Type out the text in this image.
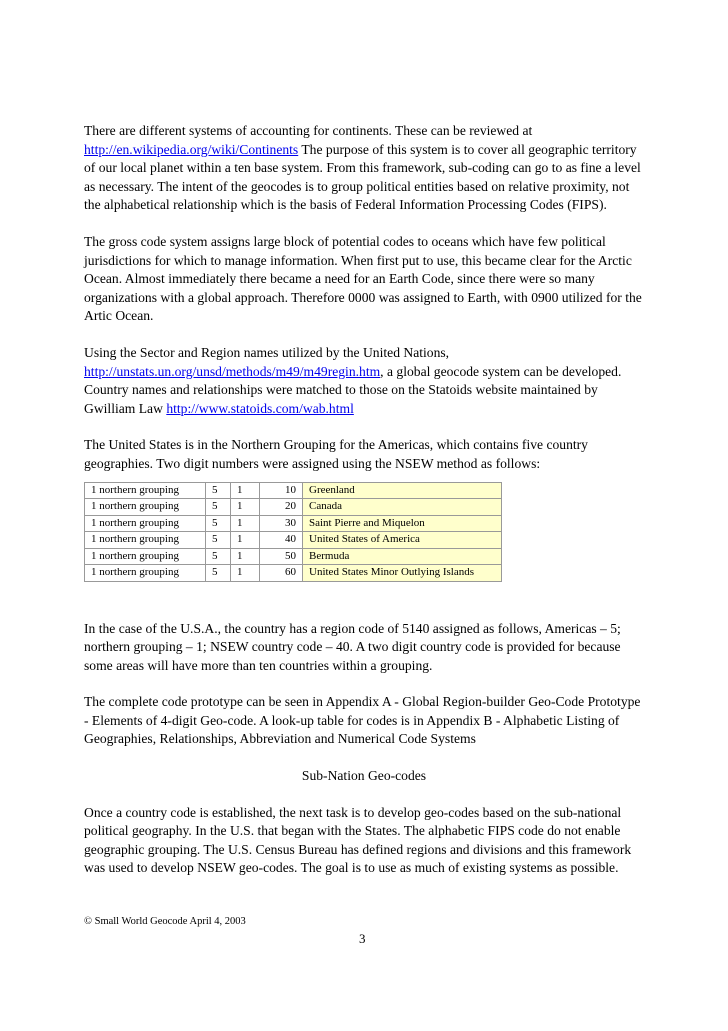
There are different systems of accounting for continents. These can be reviewed at
http://en.wikipedia.org/wiki/Continents The purpose of this system is to cover all geographic territory of our local planet within a ten base system. From this framework, sub-coding can go to as fine a level as necessary. The intent of the geocodes is to group political entities based on relative proximity, not the alphabetical relationship which is the basis of Federal Information Processing Codes (FIPS).

The gross code system assigns large block of potential codes to oceans which have few political jurisdictions for which to manage information. When first put to use, this became clear for the Arctic Ocean. Almost immediately there became a need for an Earth Code, since there were so many organizations with a global approach. Therefore 0000 was assigned to Earth, with 0900 utilized for the Artic Ocean.

Using the Sector and Region names utilized by the United Nations,
http://unstats.un.org/unsd/methods/m49/m49regin.htm, a global geocode system can be developed. Country names and relationships were matched to those on the Statoids website maintained by Gwilliam Law http://www.statoids.com/wab.html

The United States is in the Northern Grouping for the Americas, which contains five country geographies. Two digit numbers were assigned using the NSEW method as follows:

1 northern grouping	5	1	10	Greenland
1 northern grouping	5	1	20	Canada
1 northern grouping	5	1	30	Saint Pierre and Miquelon
1 northern grouping	5	1	40	United States of America
1 northern grouping	5	1	50	Bermuda
1 northern grouping	5	1	60	United States Minor Outlying Islands

In the case of the U.S.A., the country has a region code of 5140 assigned as follows, Americas – 5; northern grouping – 1; NSEW country code – 40. A two digit country code is provided for because some areas will have more than ten countries within a grouping.

The complete code prototype can be seen in Appendix A - Global Region-builder Geo-Code Prototype - Elements of 4-digit Geo-code. A look-up table for codes is in Appendix B - Alphabetic Listing of Geographies, Relationships, Abbreviation and Numerical Code Systems

Sub-Nation Geo-codes

Once a country code is established, the next task is to develop geo-codes based on the sub-national political geography. In the U.S. that began with the States. The alphabetic FIPS code do not enable geographic grouping. The U.S. Census Bureau has defined regions and divisions and this framework was used to develop NSEW geo-codes. The goal is to use as much of existing systems as possible.

© Small World Geocode April 4, 2003
3
